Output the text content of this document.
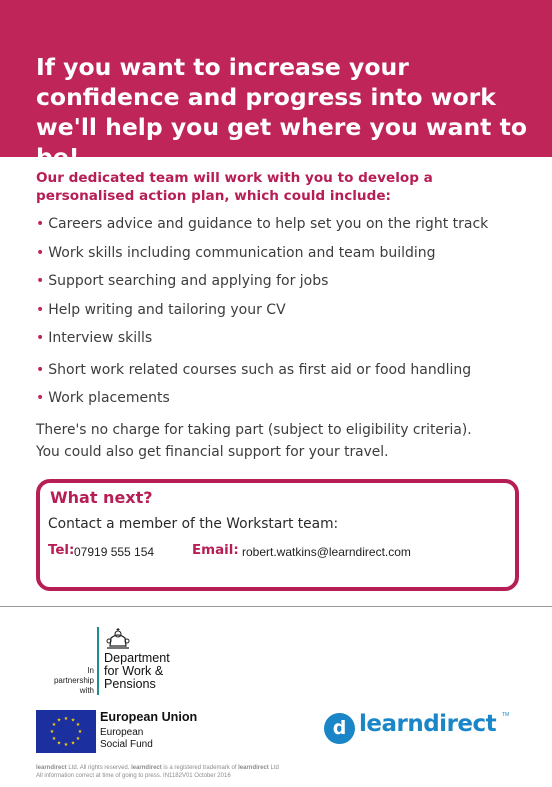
If you want to increase your confidence and progress into work we'll help you get where you want to be!
Our dedicated team will work with you to develop a personalised action plan, which could include:
• Careers advice and guidance to help set you on the right track
• Work skills including communication and team building
• Support searching and applying for jobs
• Help writing and tailoring your CV
• Interview skills
• Short work related courses such as first aid or food handling
• Work placements
There's no charge for taking part (subject to eligibility criteria).
You could also get financial support for your travel.
What next?
Contact a member of the Workstart team:
Tel: 07919 555 154	Email: robert.watkins@learndirect.com
In
partnership
with
Department
for Work &
Pensions
★ ★
★
★
★
★
★
★
★
★
★
★	European Union
European
Social Fund
d learndirect TM
learndirect Ltd. All rights reserved. learndirect is a registered trademark of learndirect Ltd
All information correct at time of going to press. IN1182V01 October 2016
